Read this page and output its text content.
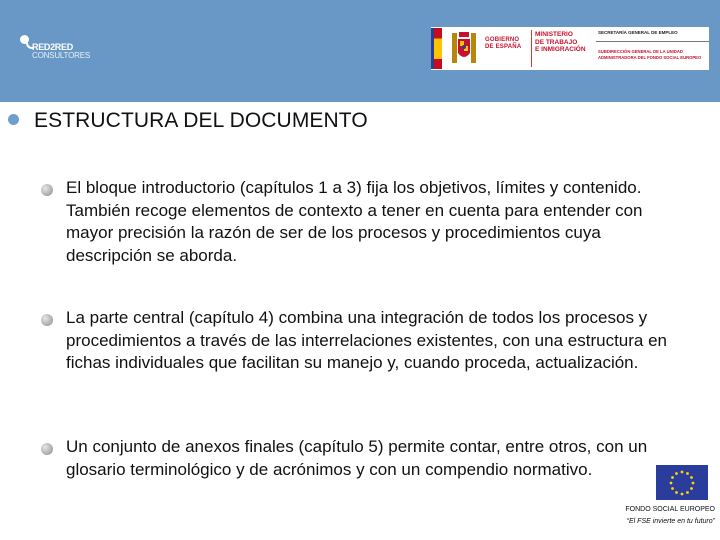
RED2RED
CONSULTORES
GOBIERNO
DE ESPAÑA
MINISTERIO
DE TRABAJO
E INMIGRACIÓN
SECRETARÍA GENERAL DE EMPLEO
SUBDIRECCIÓN GENERAL DE LA UNIDAD
ADMINISTRADORA DEL FONDO SOCIAL EUROPEO
ESTRUCTURA DEL DOCUMENTO
El bloque introductorio (capítulos 1 a 3) fija los objetivos, límites y contenido. También recoge elementos de contexto a tener en cuenta para entender con mayor precisión la razón de ser de los procesos y procedimientos cuya descripción se aborda.
La parte central (capítulo 4) combina una integración de todos los procesos y procedimientos a través de las interrelaciones existentes, con una estructura en fichas individuales que facilitan su manejo y, cuando proceda, actualización.
Un conjunto de anexos finales (capítulo 5) permite contar, entre otros, con un glosario terminológico y de acrónimos y con un compendio normativo.
FONDO SOCIAL EUROPEO
“El FSE invierte en tu futuro”
